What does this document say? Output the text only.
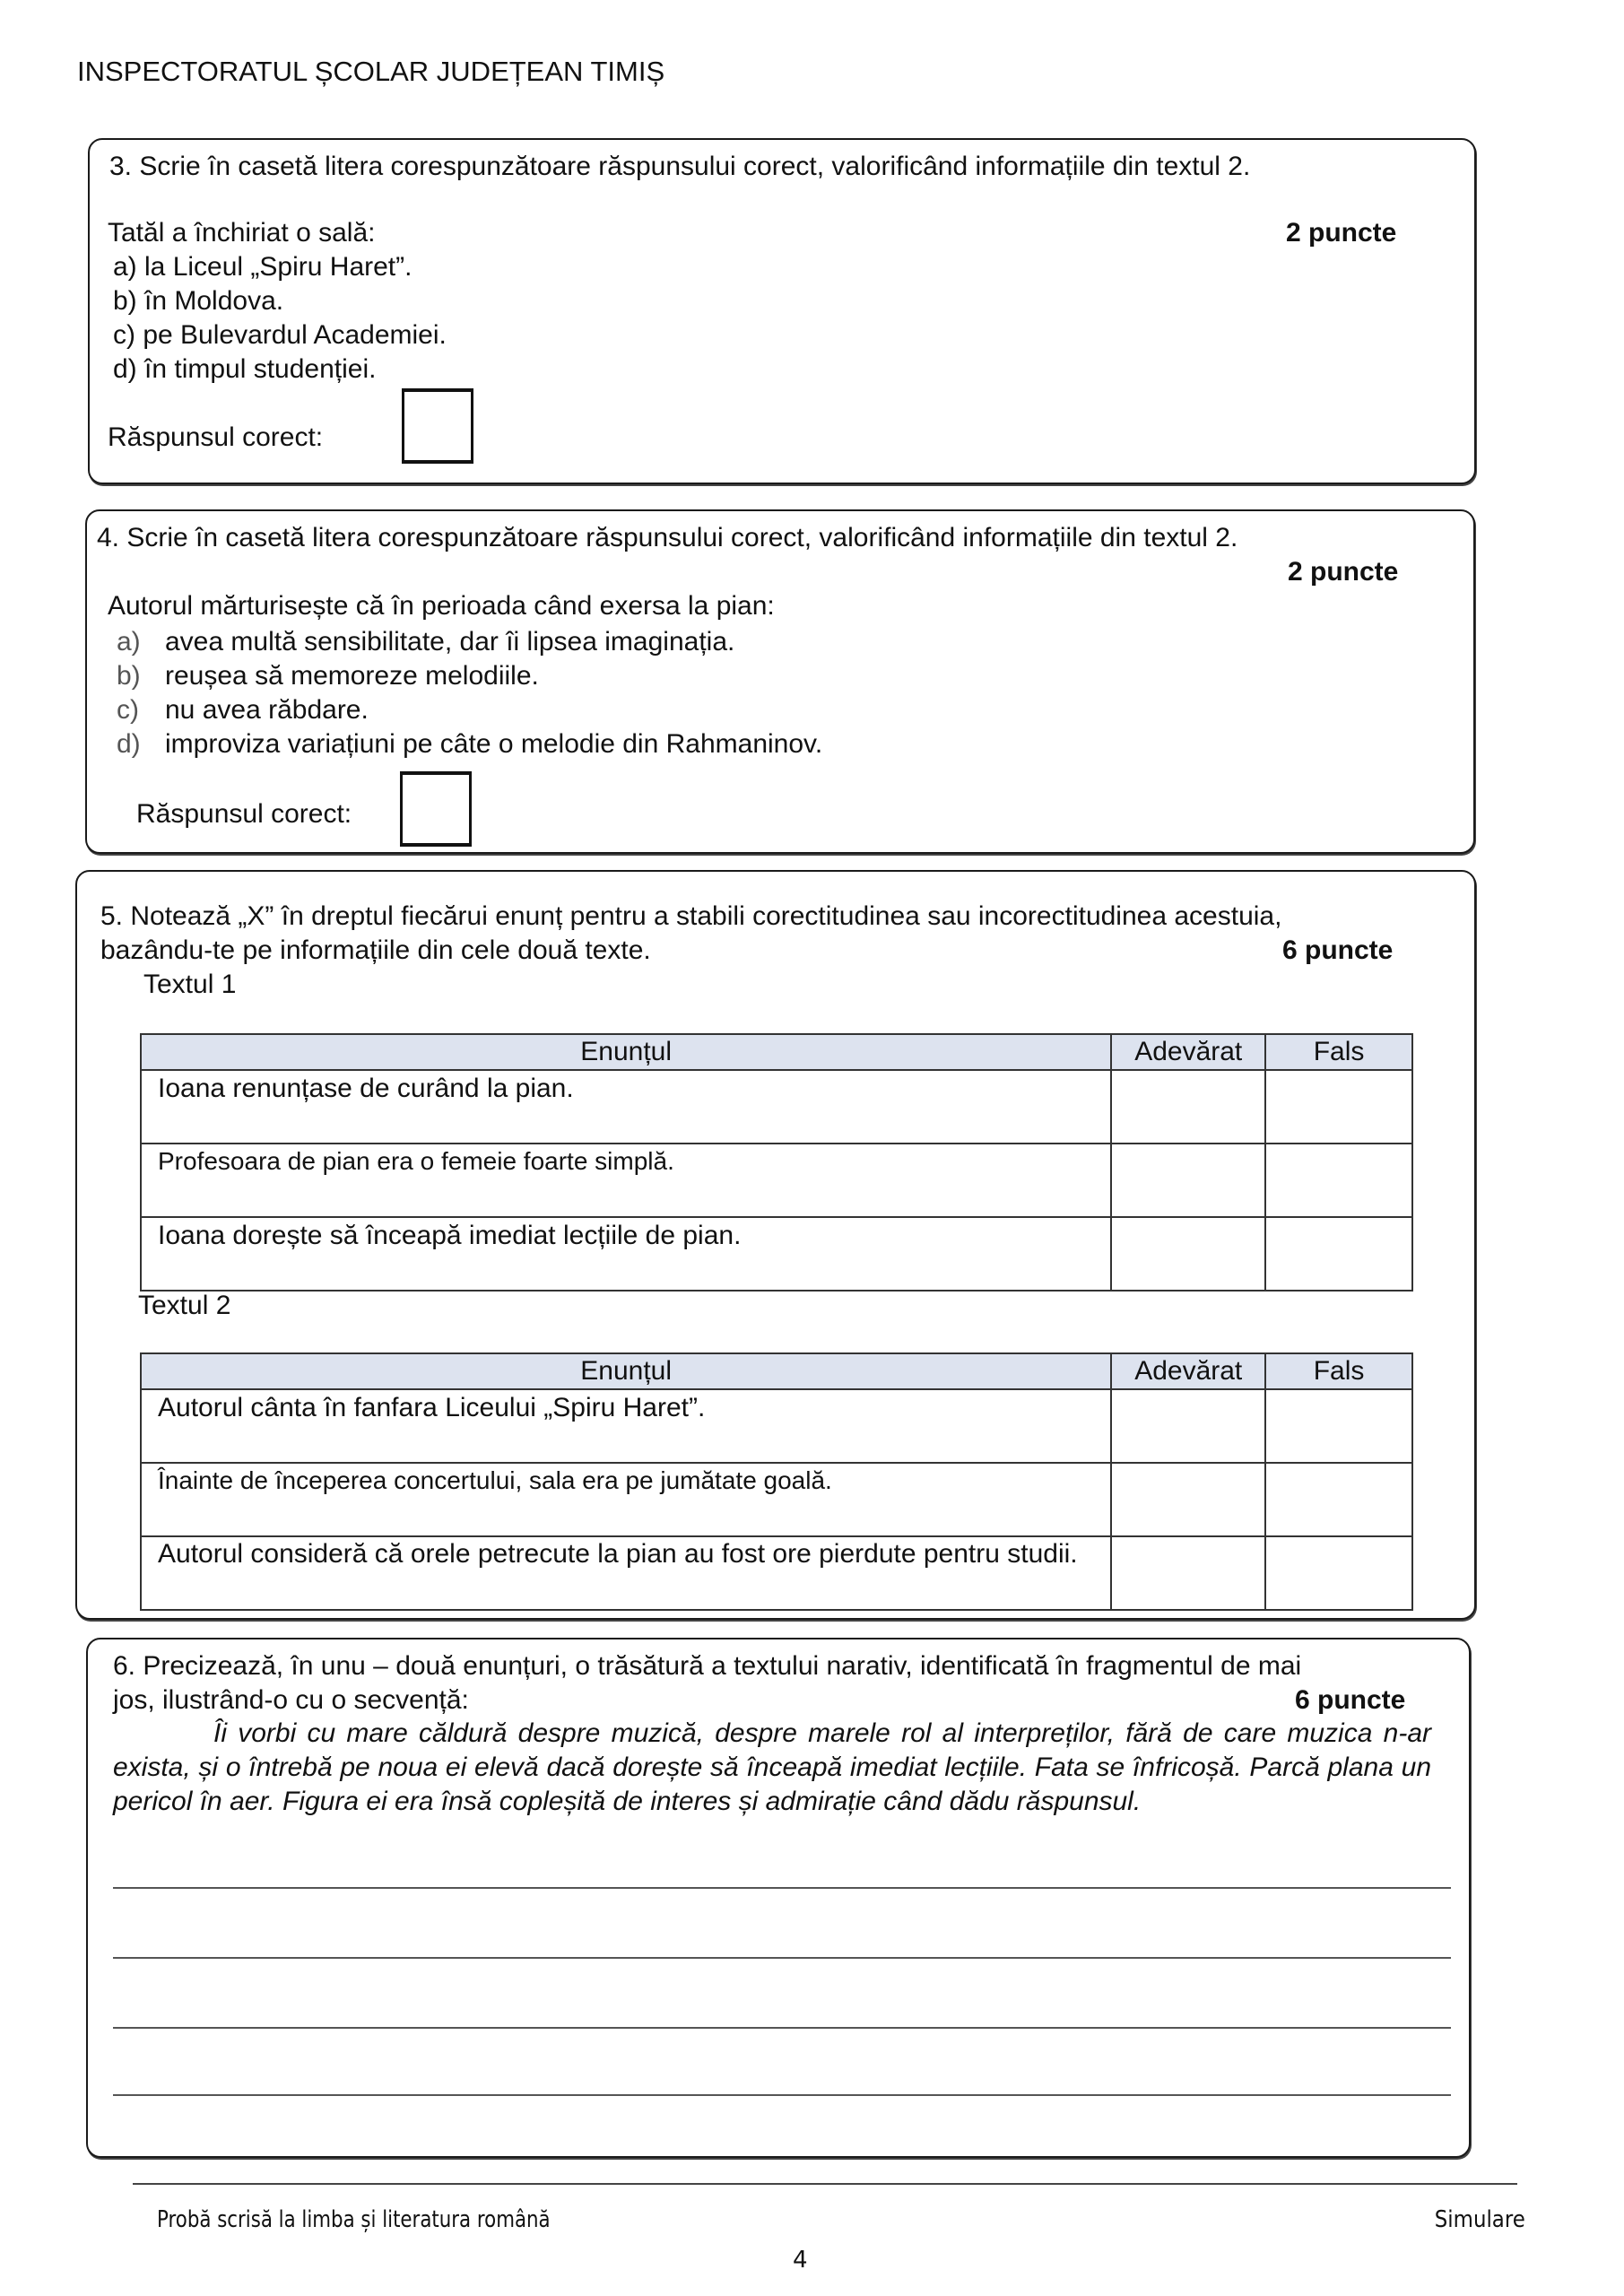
INSPECTORATUL ȘCOLAR JUDEȚEAN TIMIȘ
3. Scrie în casetă litera corespunzătoare răspunsului corect, valorificând informațiile din textul 2.
Tatăl a închiriat o sală:	2 puncte
a) la Liceul „Spiru Haret”.
b) în Moldova.
c) pe Bulevardul Academiei.
d) în timpul studenției.
Răspunsul corect:
4. Scrie în casetă litera corespunzătoare răspunsului corect, valorificând informațiile din textul 2.
2 puncte
Autorul mărturisește că în perioada când exersa la pian:
a) avea multă sensibilitate, dar îi lipsea imaginația.
b) reușea să memoreze melodiile.
c) nu avea răbdare.
d) improviza variațiuni pe câte o melodie din Rahmaninov.
Răspunsul corect:
5. Notează „X” în dreptul fiecărui enunț pentru a stabili corectitudinea sau incorectitudinea acestuia,
bazându-te pe informațiile din cele două texte.	6 puncte
Textul 1
Enunțul	Adevărat	Fals
Ioana renunțase de curând la pian.		
Profesoara de pian era o femeie foarte simplă.		
Ioana dorește să înceapă imediat lecțiile de pian.		
Textul 2
Enunțul	Adevărat	Fals
Autorul cânta în fanfara Liceului „Spiru Haret”.		
Înainte de începerea concertului, sala era pe jumătate goală.		
Autorul consideră că orele petrecute la pian au fost ore pierdute pentru studii.		
6. Precizează, în unu – două enunțuri, o trăsătură a textului narativ, identificată în fragmentul de mai
jos, ilustrând-o cu o secvență:	6 puncte
Îi vorbi cu mare căldură despre muzică, despre marele rol al interpreților, fără de care muzica n-ar exista, și o întrebă pe noua ei elevă dacă dorește să înceapă imediat lecțiile. Fata se înfricoșă. Parcă plana un pericol în aer. Figura ei era însă copleșită de interes și admirație când dădu răspunsul.
Probă scrisă la limba și literatura română	Simulare
4
